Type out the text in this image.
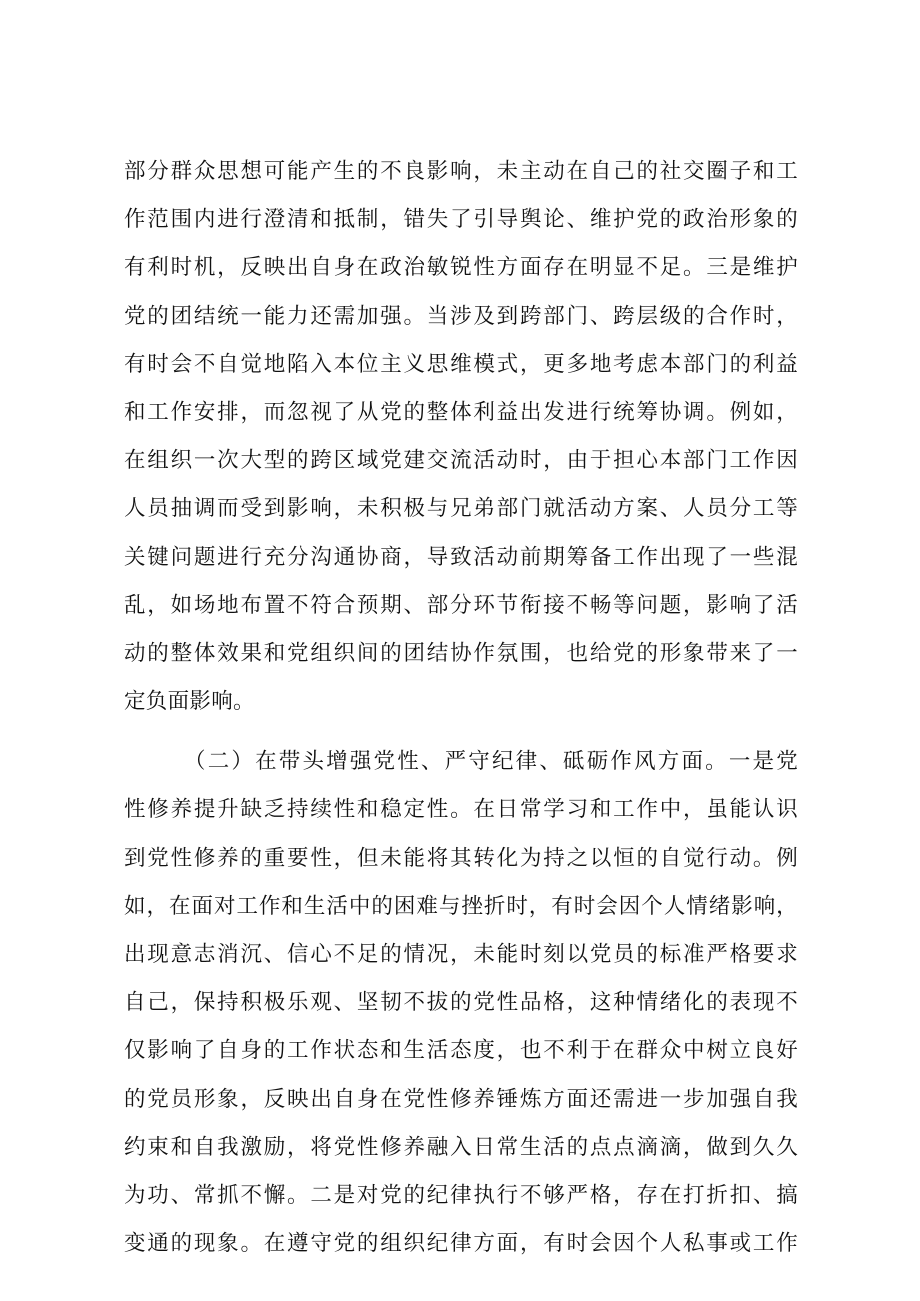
部分群众思想可能产生的不良影响，未主动在自己的社交圈子和工
作范围内进行澄清和抵制，错失了引导舆论、维护党的政治形象的
有利时机，反映出自身在政治敏锐性方面存在明显不足。三是维护
党的团结统一能力还需加强。当涉及到跨部门、跨层级的合作时，
有时会不自觉地陷入本位主义思维模式，更多地考虑本部门的利益
和工作安排，而忽视了从党的整体利益出发进行统筹协调。例如，
在组织一次大型的跨区域党建交流活动时，由于担心本部门工作因
人员抽调而受到影响，未积极与兄弟部门就活动方案、人员分工等
关键问题进行充分沟通协商，导致活动前期筹备工作出现了一些混
乱，如场地布置不符合预期、部分环节衔接不畅等问题，影响了活
动的整体效果和党组织间的团结协作氛围，也给党的形象带来了一
定负面影响。
（二）在带头增强党性、严守纪律、砥砺作风方面。一是党
性修养提升缺乏持续性和稳定性。在日常学习和工作中，虽能认识
到党性修养的重要性，但未能将其转化为持之以恒的自觉行动。例
如，在面对工作和生活中的困难与挫折时，有时会因个人情绪影响，
出现意志消沉、信心不足的情况，未能时刻以党员的标准严格要求
自己，保持积极乐观、坚韧不拔的党性品格，这种情绪化的表现不
仅影响了自身的工作状态和生活态度，也不利于在群众中树立良好
的党员形象，反映出自身在党性修养锤炼方面还需进一步加强自我
约束和自我激励，将党性修养融入日常生活的点点滴滴，做到久久
为功、常抓不懈。二是对党的纪律执行不够严格，存在打折扣、搞
变通的现象。在遵守党的组织纪律方面，有时会因个人私事或工作
